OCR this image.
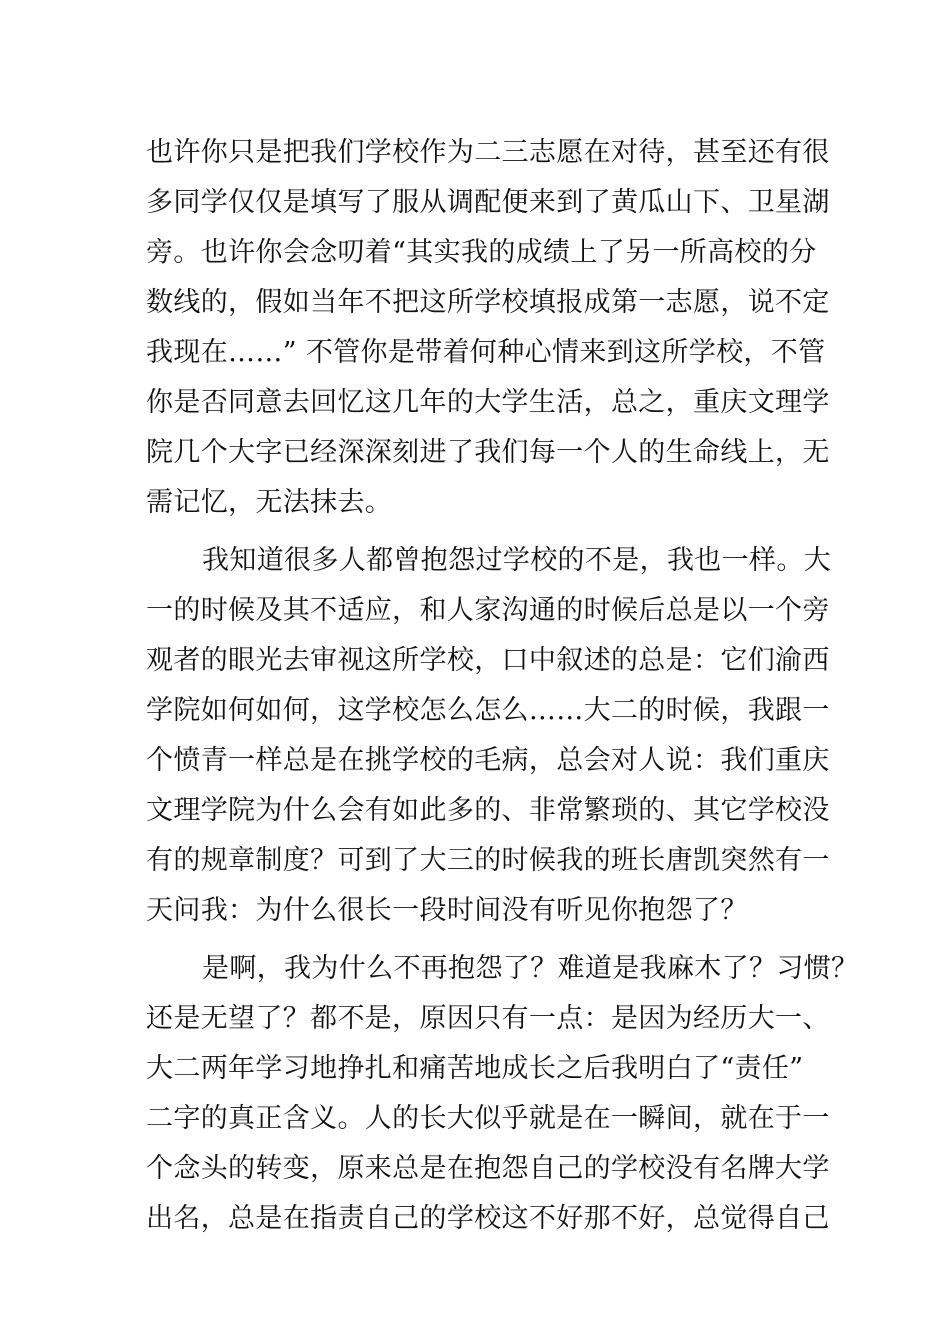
也许你只是把我们学校作为二三志愿在对待，甚至还有很
多同学仅仅是填写了服从调配便来到了黄瓜山下、卫星湖
旁。也许你会念叨着“其实我的成绩上了另一所高校的分
数线的，假如当年不把这所学校填报成第一志愿，说不定
我现在……” 不管你是带着何种心情来到这所学校，不管
你是否同意去回忆这几年的大学生活，总之，重庆文理学
院几个大字已经深深刻进了我们每一个人的生命线上，无
需记忆，无法抹去。
我知道很多人都曾抱怨过学校的不是，我也一样。大
一的时候及其不适应，和人家沟通的时候后总是以一个旁
观者的眼光去审视这所学校，口中叙述的总是：它们渝西
学院如何如何，这学校怎么怎么……大二的时候，我跟一
个愤青一样总是在挑学校的毛病，总会对人说：我们重庆
文理学院为什么会有如此多的、非常繁琐的、其它学校没
有的规章制度？可到了大三的时候我的班长唐凯突然有一
天问我：为什么很长一段时间没有听见你抱怨了？
是啊，我为什么不再抱怨了？难道是我麻木了？习惯？
还是无望了？都不是，原因只有一点：是因为经历大一、
大二两年学习地挣扎和痛苦地成长之后我明白了“责任”
二字的真正含义。人的长大似乎就是在一瞬间，就在于一
个念头的转变，原来总是在抱怨自己的学校没有名牌大学
出名，总是在指责自己的学校这不好那不好，总觉得自己
